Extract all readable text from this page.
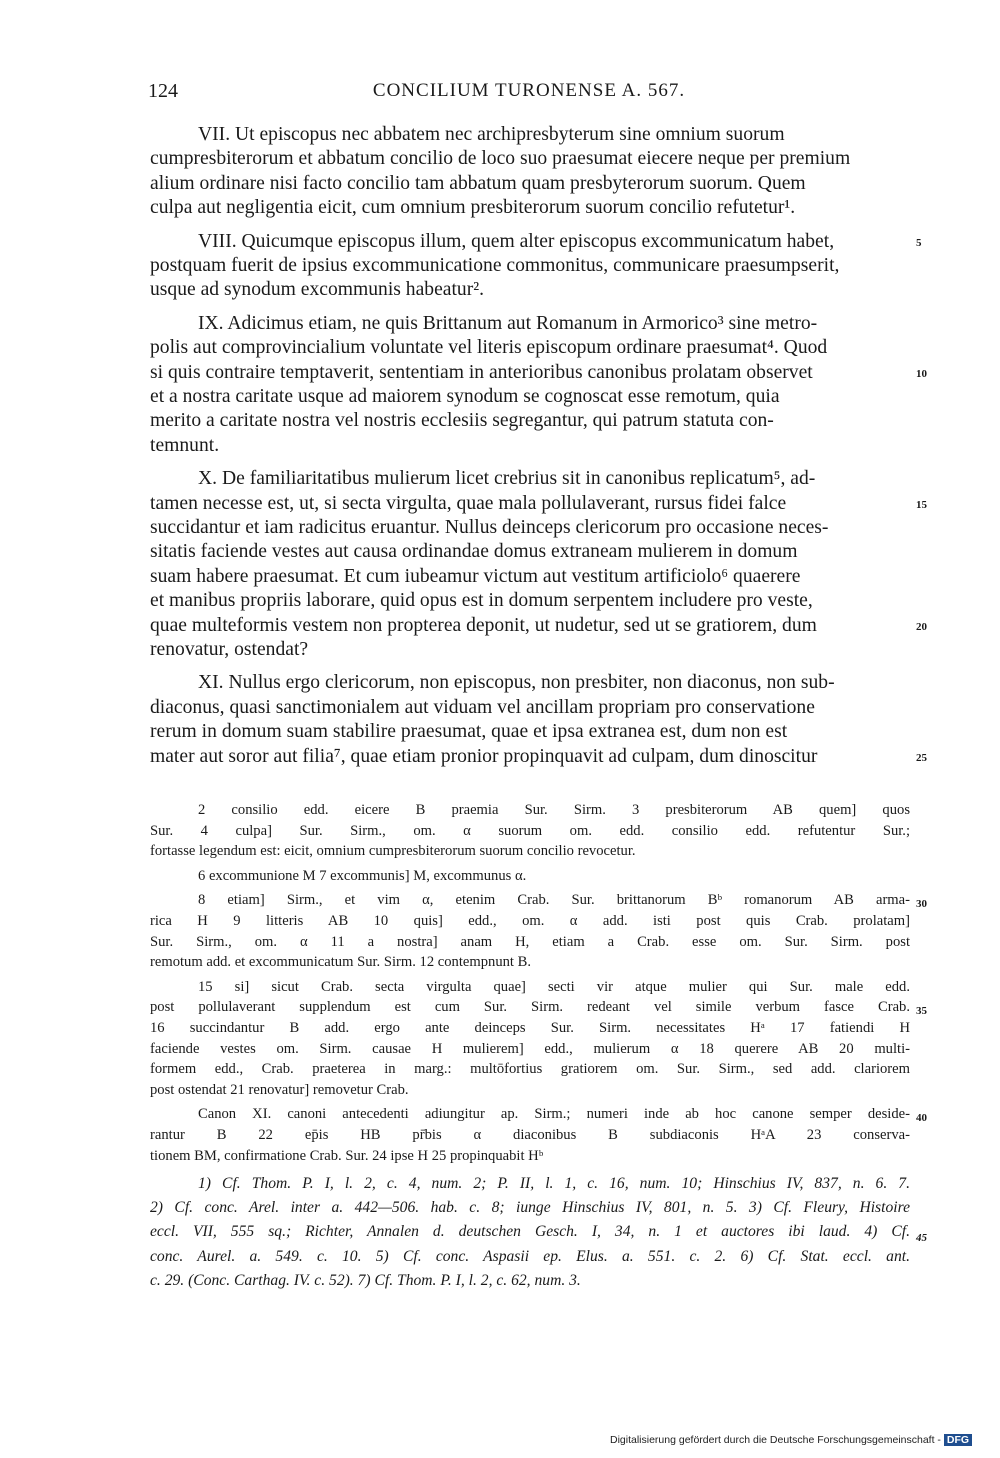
124	CONCILIUM TURONENSE A. 567.
VII. Ut episcopus nec abbatem nec archipresbyterum sine omnium suorum
cumpresbiterorum et abbatum concilio de loco suo praesumat eiecere neque per premium
alium ordinare nisi facto concilio tam abbatum quam presbyterorum suorum. Quem
culpa aut negligentia eicit, cum omnium presbiterorum suorum concilio refutetur¹.
VIII. Quicumque episcopus illum, quem alter episcopus excommunicatum habet,	5
postquam fuerit de ipsius excommunicatione commonitus, communicare praesumpserit,
usque ad synodum excommunis habeatur².
IX. Adicimus etiam, ne quis Brittanum aut Romanum in Armorico³ sine metro-
polis aut comprovincialium voluntate vel literis episcopum ordinare praesumat⁴. Quod
si quis contraire temptaverit, sententiam in anterioribus canonibus prolatam observet	10
et a nostra caritate usque ad maiorem synodum se cognoscat esse remotum, quia
merito a caritate nostra vel nostris ecclesiis segregantur, qui patrum statuta con-
temnunt.
X. De familiaritatibus mulierum licet crebrius sit in canonibus replicatum⁵, ad-
tamen necesse est, ut, si secta virgulta, quae mala pollulaverant, rursus fidei falce	15
succidantur et iam radicitus eruantur. Nullus deinceps clericorum pro occasione neces-
sitatis faciende vestes aut causa ordinandae domus extraneam mulierem in domum
suam habere praesumat. Et cum iubeamur victum aut vestitum artificiolo⁶ quaerere
et manibus propriis laborare, quid opus est in domum serpentem includere pro veste,
quae multeformis vestem non propterea deponit, ut nudetur, sed ut se gratiorem, dum	20
renovatur, ostendat?
XI. Nullus ergo clericorum, non episcopus, non presbiter, non diaconus, non sub-
diaconus, quasi sanctimonialem aut viduam vel ancillam propriam pro conservatione
rerum in domum suam stabilire praesumat, quae et ipsa extranea est, dum non est
mater aut soror aut filia⁷, quae etiam pronior propinquavit ad culpam, dum dinoscitur	25
2 consilio edd. eicere B praemia Sur. Sirm. 3 presbiterorum AB quem] quos
Sur. 4 culpa] Sur. Sirm., om. α suorum om. edd. consilio edd. refutentur Sur.;
fortasse legendum est: eicit, omnium cumpresbiterorum suorum concilio revocetur.
6 excommunione M 7 excommunis] M, excommunus α.
8 etiam] Sirm., et vim α, etenim Crab. Sur. brittanorum Bᵇ romanorum AB arma- 30
rica H 9 litteris AB 10 quis] edd., om. α add. isti post quis Crab. prolatam]
Sur. Sirm., om. α 11 a nostra] anam H, etiam a Crab. esse om. Sur. Sirm. post
remotum add. et excommunicatum Sur. Sirm. 12 contempnunt B.
15 si] sicut Crab. secta virgulta quae] secti vir atque mulier qui Sur. male edd.
post pollulaverant supplendum est cum Sur. Sirm. redeant vel simile verbum fasce Crab. 35
16 succindantur B add. ergo ante deinceps Sur. Sirm. necessitates Hᵃ 17 fatiendi H
faciende vestes om. Sirm. causae H mulierem] edd., mulierum α 18 querere AB 20 multi-
formem edd., Crab. praeterea in marg.: multōfortius gratiorem om. Sur. Sirm., sed add. clariorem
post ostendat 21 renovatur] removetur Crab.
Canon XI. canoni antecedenti adiungitur ap. Sirm.; numeri inde ab hoc canone semper deside- 40
rantur B 22 ep̄is HB pr̄bis α diaconibus B subdiaconis HᵃA 23 conserva-
tionem BM, confirmatione Crab. Sur. 24 ipse H 25 propinquabit Hᵇ
1) Cf. Thom. P. I, l. 2, c. 4, num. 2; P. II, l. 1, c. 16, num. 10; Hinschius IV, 837, n. 6. 7.
2) Cf. conc. Arel. inter a. 442—506. hab. c. 8; iunge Hinschius IV, 801, n. 5. 3) Cf. Fleury, Histoire
eccl. VII, 555 sq.; Richter, Annalen d. deutschen Gesch. I, 34, n. 1 et auctores ibi laud. 4) Cf. 45
conc. Aurel. a. 549. c. 10. 5) Cf. conc. Aspasii ep. Elus. a. 551. c. 2. 6) Cf. Stat. eccl. ant.
c. 29. (Conc. Carthag. IV. c. 52). 7) Cf. Thom. P. I, l. 2, c. 62, num. 3.
Digitalisierung gefördert durch die Deutsche Forschungsgemeinschaft - DFG
